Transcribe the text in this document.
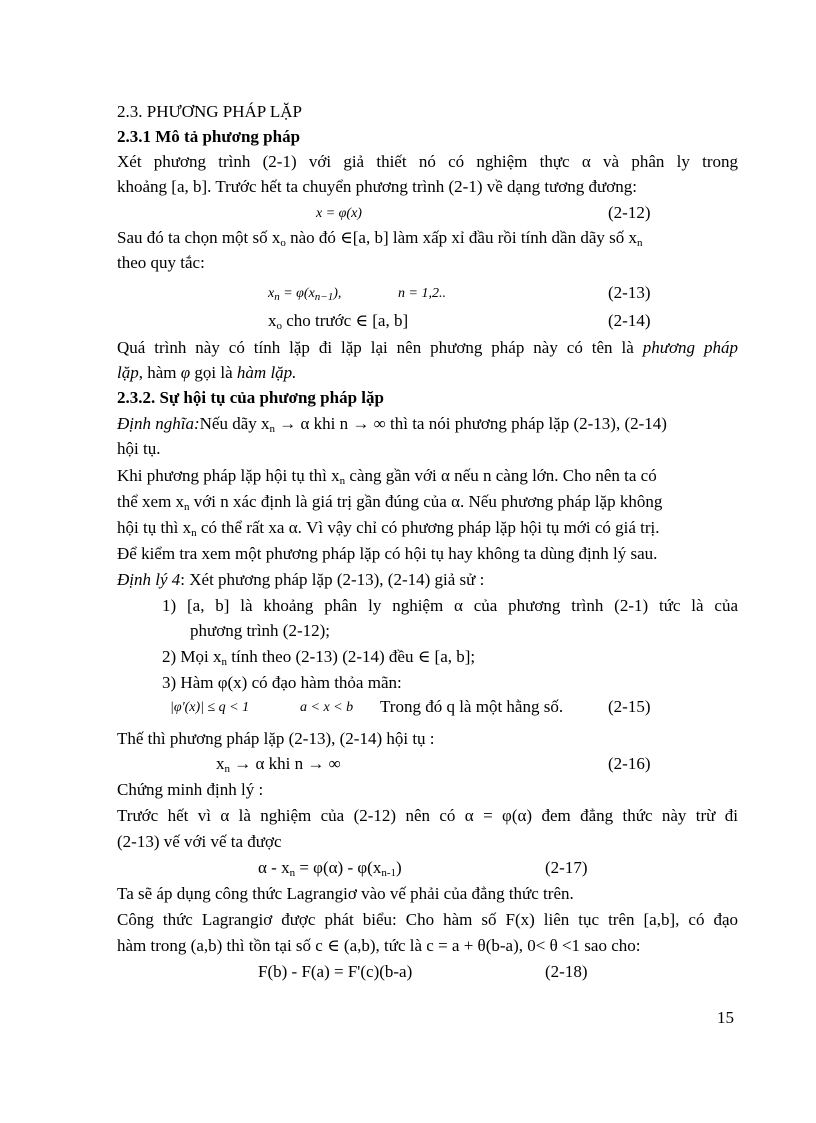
2.3. PHƯƠNG PHÁP LẶP
2.3.1 Mô tả phương pháp
Xét phương trình (2-1) với giả thiết nó có nghiệm thực α và phân ly trong
khoảng [a, b]. Trước hết ta chuyển phương trình (2-1) về dạng tương đương:
x = φ(x)	(2-12)
Sau đó ta chọn một số $x_o$ nào đó ∈[a, b] làm xấp xỉ đầu rồi tính dần dãy số $x_n$
theo quy tắc:
$x_n = \varphi(x_{n-1})$,	n = 1,2..	(2-13)
$x_o$ cho trước ∈ [a, b]	(2-14)
Quá trình này có tính lặp đi lặp lại nên phương pháp này có tên là phương pháp
lặp, hàm φ gọi là hàm lặp.
2.3.2. Sự hội tụ của phương pháp lặp
Định nghĩa:Nếu dãy $x_n \to \alpha$ khi n → ∞ thì ta nói phương pháp lặp (2-13), (2-14)
hội tụ.
Khi phương pháp lặp hội tụ thì $x_n$ càng gần với α nếu n càng lớn. Cho nên ta có
thể xem $x_n$ với n xác định là giá trị gần đúng của α. Nếu phương pháp lặp không
hội tụ thì $x_n$ có thể rất xa α. Vì vậy chỉ có phương pháp lặp hội tụ mới có giá trị.
Để kiểm tra xem một phương pháp lặp có hội tụ hay không ta dùng định lý sau.
Định lý 4: Xét phương pháp lặp (2-13), (2-14) giả sử :
1) [a, b] là khoảng phân ly nghiệm α của phương trình (2-1) tức là của
phương trình (2-12);
2) Mọi $x_n$ tính theo (2-13) (2-14) đều ∈ [a, b];
3) Hàm φ(x) có đạo hàm thỏa mãn:
|φ'(x)| ≤ q < 1	a < x < b Trong đó q là một hằng số.	(2-15)
Thế thì phương pháp lặp (2-13), (2-14) hội tụ :
$x_n \to \alpha$ khi n → ∞	(2-16)
Chứng minh định lý :
Trước hết vì α là nghiệm của (2-12) nên có α = φ(α) đem đẳng thức này trừ đi
(2-13) vế với vế ta được
$\alpha - x_n = \varphi(\alpha) - \varphi(x_{n-1})$	(2-17)
Ta sẽ áp dụng công thức Lagrangiơ vào vế phải của đẳng thức trên.
Công thức Lagrangiơ được phát biểu: Cho hàm số F(x) liên tục trên [a,b], có đạo
hàm trong (a,b) thì tồn tại số c ∈ (a,b), tức là c = a + θ(b-a), 0< θ <1 sao cho:
F(b) - F(a) = F'(c)(b-a)	(2-18)
15
